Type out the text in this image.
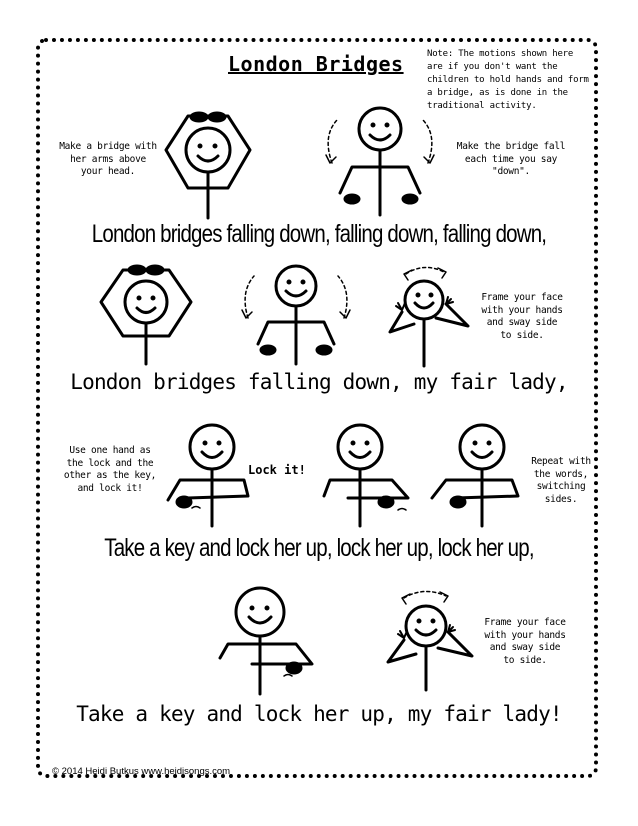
London Bridges	Note: The motions shown here are if you don't want the children to hold hands and form a bridge, as is done in the traditional activity.
Make a bridge with her arms above your head.
Make the bridge fall each time you say "down".
London bridges falling down, falling down, falling down,
Frame your face with your hands and sway side to side.
London bridges falling down, my fair lady,
Use one hand as the lock and the other as the key, and lock it!
Lock it!
Repeat with the words, switching sides.
Take a key and lock her up, lock her up, lock her up,
Frame your face with your hands and sway side to side.
Take a key and lock her up, my fair lady!
© 2014 Heidi Butkus www.heidisongs.com
